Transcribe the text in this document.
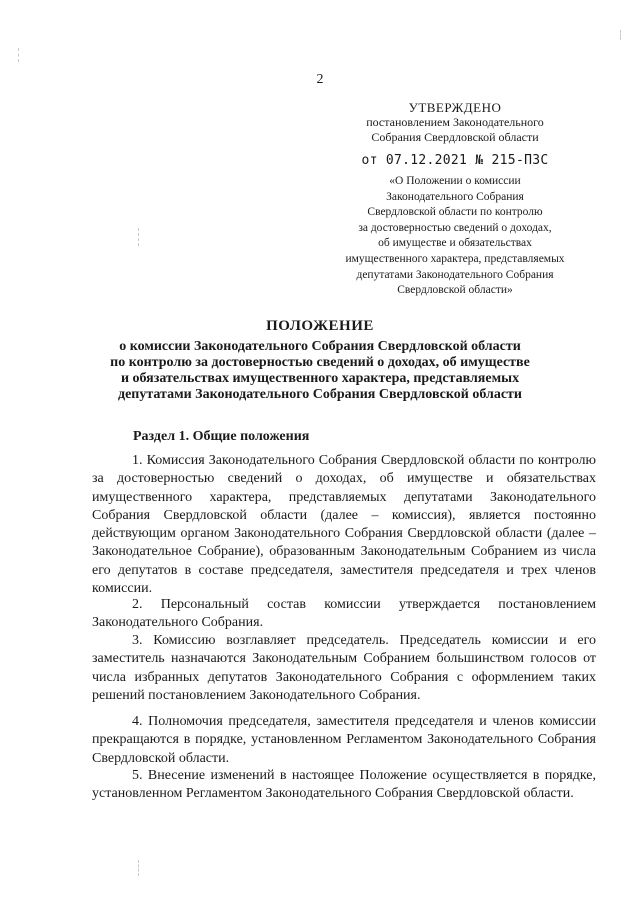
2
УТВЕРЖДЕНО
постановлением Законодательного
Собрания Свердловской области
от 07.12.2021 № 215-ПЗС
«О Положении о комиссии
Законодательного Собрания
Свердловской области по контролю
за достоверностью сведений о доходах,
об имуществе и обязательствах
имущественного характера, представляемых
депутатами Законодательного Собрания
Свердловской области»
ПОЛОЖЕНИЕ
о комиссии Законодательного Собрания Свердловской области
по контролю за достоверностью сведений о доходах, об имуществе
и обязательствах имущественного характера, представляемых
депутатами Законодательного Собрания Свердловской области
Раздел 1. Общие положения
1. Комиссия Законодательного Собрания Свердловской области по контролю за достоверностью сведений о доходах, об имуществе и обязательствах имущественного характера, представляемых депутатами Законодательного Собрания Свердловской области (далее – комиссия), является постоянно действующим органом Законодательного Собрания Свердловской области (далее – Законодательное Собрание), образованным Законодательным Собранием из числа его депутатов в составе председателя, заместителя председателя и трех членов комиссии.
2. Персональный состав комиссии утверждается постановлением Законодательного Собрания.
3. Комиссию возглавляет председатель. Председатель комиссии и его заместитель назначаются Законодательным Собранием большинством голосов от числа избранных депутатов Законодательного Собрания с оформлением таких решений постановлением Законодательного Собрания.
4. Полномочия председателя, заместителя председателя и членов комиссии прекращаются в порядке, установленном Регламентом Законодательного Собрания Свердловской области.
5. Внесение изменений в настоящее Положение осуществляется в порядке, установленном Регламентом Законодательного Собрания Свердловской области.
